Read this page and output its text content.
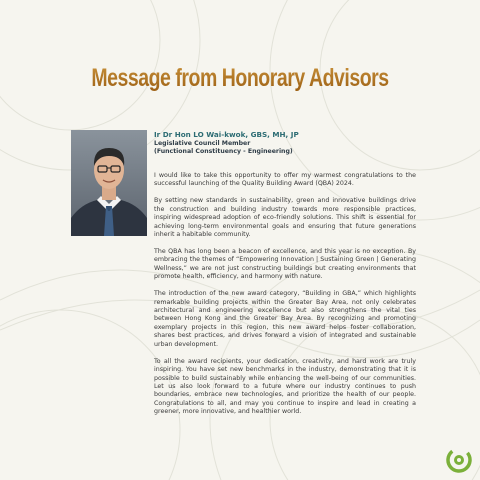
Message from Honorary Advisors
Ir Dr Hon LO Wai-kwok, GBS, MH, JP
Legislative Council Member
(Functional Constituency - Engineering)

I would like to take this opportunity to offer my warmest congratulations to the successful launching of the Quality Building Award (QBA) 2024.

By setting new standards in sustainability, green and innovative buildings drive the construction and building industry towards more responsible practices, inspiring widespread adoption of eco-friendly solutions. This shift is essential for achieving long-term environmental goals and ensuring that future generations inherit a habitable community.

The QBA has long been a beacon of excellence, and this year is no exception. By embracing the themes of “Empowering Innovation | Sustaining Green | Generating Wellness,” we are not just constructing buildings but creating environments that promote health, efficiency, and harmony with nature.

The introduction of the new award category, “Building in GBA,” which highlights remarkable building projects within the Greater Bay Area, not only celebrates architectural and engineering excellence but also strengthens the vital ties between Hong Kong and the Greater Bay Area. By recognizing and promoting exemplary projects in this region, this new award helps foster collaboration, shares best practices, and drives forward a vision of integrated and sustainable urban development.

To all the award recipients, your dedication, creativity, and hard work are truly inspiring. You have set new benchmarks in the industry, demonstrating that it is possible to build sustainably while enhancing the well-being of our communities. Let us also look forward to a future where our industry continues to push boundaries, embrace new technologies, and prioritize the health of our people. Congratulations to all, and may you continue to inspire and lead in creating a greener, more innovative, and healthier world.
